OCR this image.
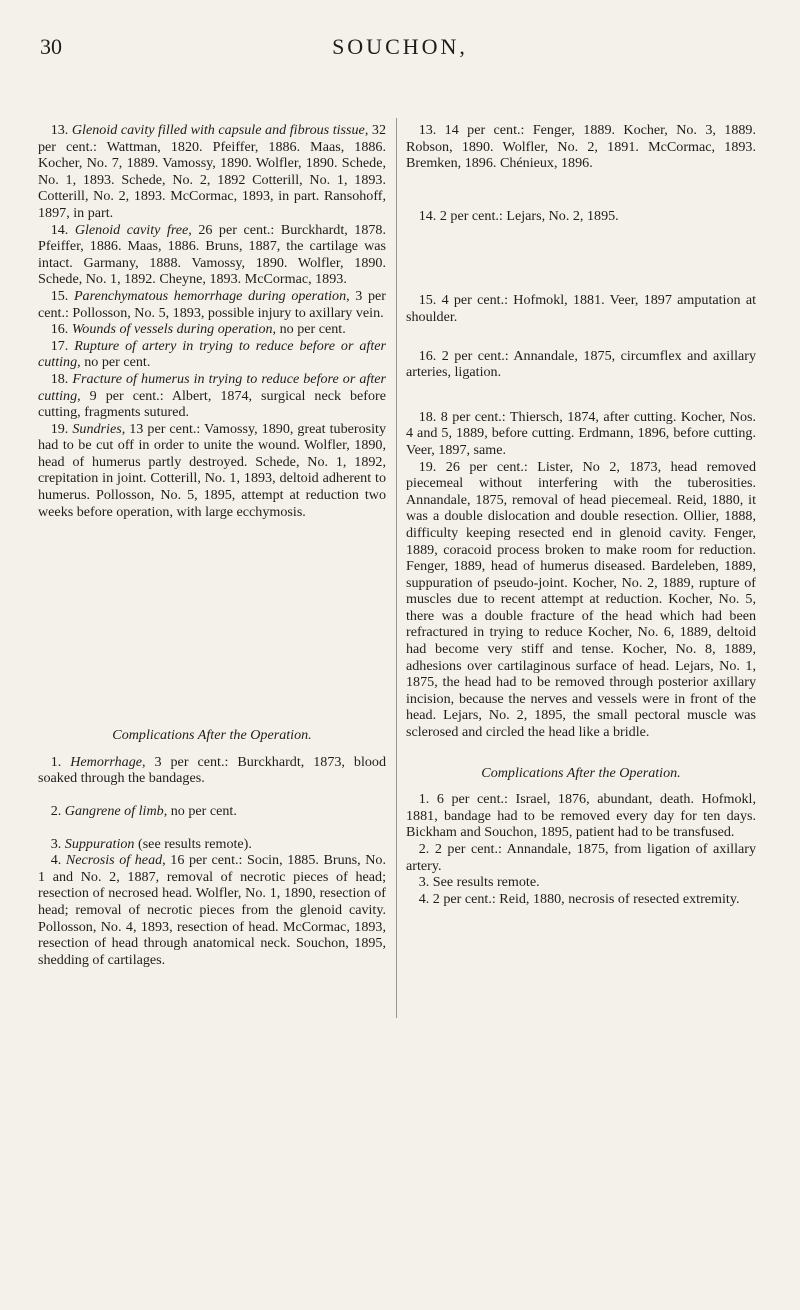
30	SOUCHON,

13. Glenoid cavity filled with capsule and fibrous tissue, 32 per cent.: Wattman, 1820. Pfeiffer, 1886. Maas, 1886. Kocher, No. 7, 1889. Vamossy, 1890. Wolfler, 1890. Schede, No. 1, 1893. Schede, No. 2, 1892 Cotterill, No. 1, 1893. Cotterill, No. 2, 1893. McCormac, 1893, in part. Ransohoff, 1897, in part.

14. Glenoid cavity free, 26 per cent.: Burckhardt, 1878. Pfeiffer, 1886. Maas, 1886. Bruns, 1887, the cartilage was intact. Garmany, 1888. Vamossy, 1890. Wolfler, 1890. Schede, No. 1, 1892. Cheyne, 1893. McCormac, 1893.

15. Parenchymatous hemorrhage during operation, 3 per cent.: Pollosson, No. 5, 1893, possible injury to axillary vein.

16. Wounds of vessels during operation, no per cent.

17. Rupture of artery in trying to reduce before or after cutting, no per cent.

18. Fracture of humerus in trying to reduce before or after cutting, 9 per cent.: Albert, 1874, surgical neck before cutting, fragments sutured.

19. Sundries, 13 per cent.: Vamossy, 1890, great tuberosity had to be cut off in order to unite the wound. Wolfler, 1890, head of humerus partly destroyed. Schede, No. 1, 1892, crepitation in joint. Cotterill, No. 1, 1893, deltoid adherent to humerus. Pollosson, No. 5, 1895, attempt at reduction two weeks before operation, with large ecchymosis.

Complications After the Operation.

1. Hemorrhage, 3 per cent.: Burckhardt, 1873, blood soaked through the bandages.

2. Gangrene of limb, no per cent.

3. Suppuration (see results remote).

4. Necrosis of head, 16 per cent.: Socin, 1885. Bruns, No. 1 and No. 2, 1887, removal of necrotic pieces of head; resection of necrosed head. Wolfler, No. 1, 1890, resection of head; removal of necrotic pieces from the glenoid cavity. Pollosson, No. 4, 1893, resection of head. McCormac, 1893, resection of head through anatomical neck. Souchon, 1895, shedding of cartilages.

13. 14 per cent.: Fenger, 1889. Kocher, No. 3, 1889. Robson, 1890. Wolfler, No. 2, 1891. McCormac, 1893. Bremken, 1896. Chénieux, 1896.

14. 2 per cent.: Lejars, No. 2, 1895.

15. 4 per cent.: Hofmokl, 1881. Veer, 1897 amputation at shoulder.

16. 2 per cent.: Annandale, 1875, circumflex and axillary arteries, ligation.

18. 8 per cent.: Thiersch, 1874, after cutting. Kocher, Nos. 4 and 5, 1889, before cutting. Erdmann, 1896, before cutting. Veer, 1897, same.

19. 26 per cent.: Lister, No 2, 1873, head removed piecemeal without interfering with the tuberosities. Annandale, 1875, removal of head piecemeal. Reid, 1880, it was a double dislocation and double resection. Ollier, 1888, difficulty keeping resected end in glenoid cavity. Fenger, 1889, coracoid process broken to make room for reduction. Fenger, 1889, head of humerus diseased. Bardeleben, 1889, suppuration of pseudo-joint. Kocher, No. 2, 1889, rupture of muscles due to recent attempt at reduction. Kocher, No. 5, there was a double fracture of the head which had been refractured in trying to reduce Kocher, No. 6, 1889, deltoid had become very stiff and tense. Kocher, No. 8, 1889, adhesions over cartilaginous surface of head. Lejars, No. 1, 1875, the head had to be removed through posterior axillary incision, because the nerves and vessels were in front of the head. Lejars, No. 2, 1895, the small pectoral muscle was sclerosed and circled the head like a bridle.

Complications After the Operation.

1. 6 per cent.: Israel, 1876, abundant, death. Hofmokl, 1881, bandage had to be removed every day for ten days. Bickham and Souchon, 1895, patient had to be transfused.

2. 2 per cent.: Annandale, 1875, from ligation of axillary artery.

3. See results remote.

4. 2 per cent.: Reid, 1880, necrosis of resected extremity.
